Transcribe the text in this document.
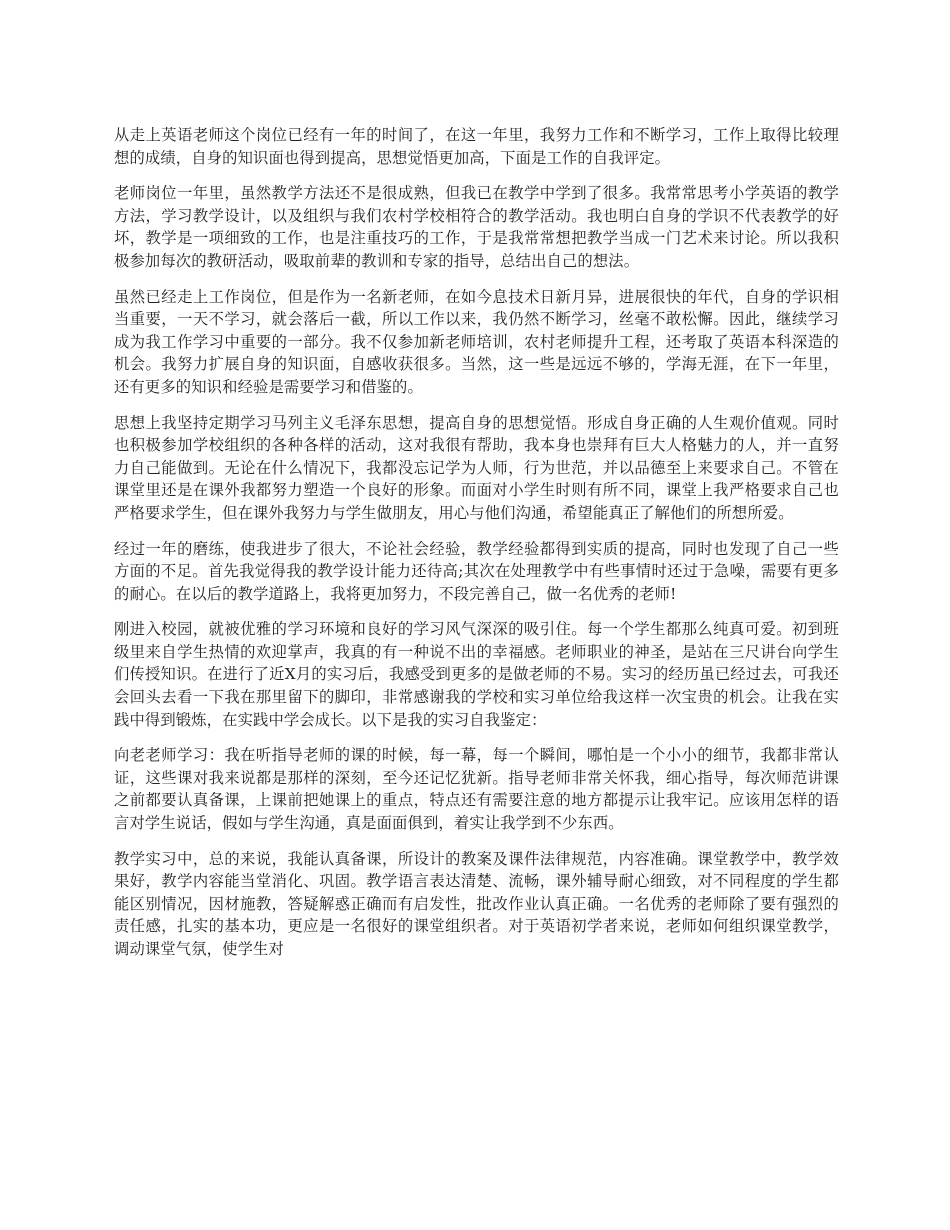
从走上英语老师这个岗位已经有一年的时间了，在这一年里，我努力工作和不断学习，工作上取得比较理想的成绩，自身的知识面也得到提高，思想觉悟更加高，下面是工作的自我评定。

老师岗位一年里，虽然教学方法还不是很成熟，但我已在教学中学到了很多。我常常思考小学英语的教学方法，学习教学设计，以及组织与我们农村学校相符合的教学活动。我也明白自身的学识不代表教学的好坏，教学是一项细致的工作，也是注重技巧的工作，于是我常常想把教学当成一门艺术来讨论。所以我积极参加每次的教研活动，吸取前辈的教训和专家的指导，总结出自己的想法。

虽然已经走上工作岗位，但是作为一名新老师，在如今息技术日新月异，进展很快的年代，自身的学识相当重要，一天不学习，就会落后一截，所以工作以来，我仍然不断学习，丝毫不敢松懈。因此，继续学习成为我工作学习中重要的一部分。我不仅参加新老师培训，农村老师提升工程，还考取了英语本科深造的机会。我努力扩展自身的知识面，自感收获很多。当然，这一些是远远不够的，学海无涯，在下一年里，还有更多的知识和经验是需要学习和借鉴的。

思想上我坚持定期学习马列主义毛泽东思想，提高自身的思想觉悟。形成自身正确的人生观价值观。同时也积极参加学校组织的各种各样的活动，这对我很有帮助，我本身也崇拜有巨大人格魅力的人，并一直努力自己能做到。无论在什么情况下，我都没忘记学为人师，行为世范，并以品德至上来要求自己。不管在课堂里还是在课外我都努力塑造一个良好的形象。而面对小学生时则有所不同，课堂上我严格要求自己也严格要求学生，但在课外我努力与学生做朋友，用心与他们沟通，希望能真正了解他们的所想所爱。

经过一年的磨练，使我进步了很大，不论社会经验，教学经验都得到实质的提高，同时也发现了自己一些方面的不足。首先我觉得我的教学设计能力还待高;其次在处理教学中有些事情时还过于急噪，需要有更多的耐心。在以后的教学道路上，我将更加努力，不段完善自己，做一名优秀的老师!

刚进入校园，就被优雅的学习环境和良好的学习风气深深的吸引住。每一个学生都那么纯真可爱。初到班级里来自学生热情的欢迎掌声，我真的有一种说不出的幸福感。老师职业的神圣，是站在三尺讲台向学生们传授知识。在进行了近X月的实习后，我感受到更多的是做老师的不易。实习的经历虽已经过去，可我还会回头去看一下我在那里留下的脚印，非常感谢我的学校和实习单位给我这样一次宝贵的机会。让我在实践中得到锻炼，在实践中学会成长。以下是我的实习自我鉴定：

向老老师学习：我在听指导老师的课的时候，每一幕，每一个瞬间，哪怕是一个小小的细节，我都非常认证，这些课对我来说都是那样的深刻，至今还记忆犹新。指导老师非常关怀我，细心指导，每次师范讲课之前都要认真备课，上课前把她课上的重点，特点还有需要注意的地方都提示让我牢记。应该用怎样的语言对学生说话，假如与学生沟通，真是面面俱到，着实让我学到不少东西。

教学实习中，总的来说，我能认真备课，所设计的教案及课件法律规范，内容准确。课堂教学中，教学效果好，教学内容能当堂消化、巩固。教学语言表达清楚、流畅，课外辅导耐心细致，对不同程度的学生都能区别情况，因材施教，答疑解惑正确而有启发性，批改作业认真正确。一名优秀的老师除了要有强烈的责任感，扎实的基本功，更应是一名很好的课堂组织者。对于英语初学者来说，老师如何组织课堂教学，调动课堂气氛，使学生对
